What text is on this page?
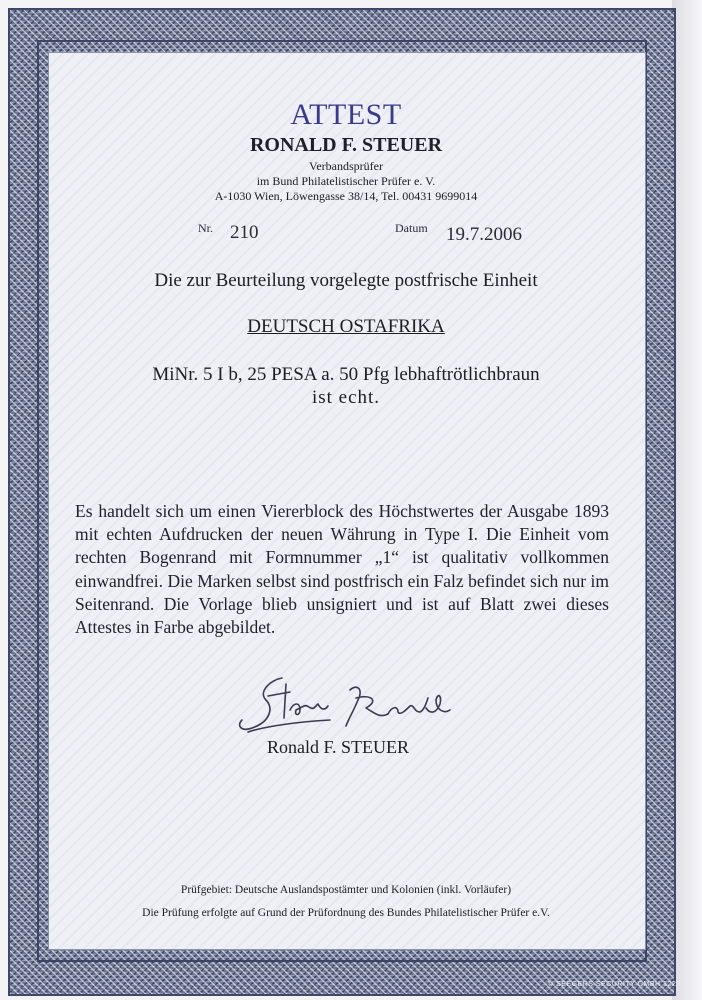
ATTEST
RONALD F. STEUER
Verbandsprüfer
im Bund Philatelistischer Prüfer e. V.
A-1030 Wien, Löwengasse 38/14, Tel. 00431 9699014
Nr. 210	Datum 19.7.2006
Die zur Beurteilung vorgelegte postfrische Einheit
DEUTSCH OSTAFRIKA
MiNr. 5 I b, 25 PESA a. 50 Pfg lebhaftrötlichbraun
ist echt.
Es handelt sich um einen Viererblock des Höchstwertes der Ausgabe 1893 mit echten Aufdrucken der neuen Währung in Type I. Die Einheit vom rechten Bogenrand mit Formnummer „1“ ist qualitativ vollkommen einwandfrei. Die Marken selbst sind postfrisch ein Falz befindet sich nur im Seitenrand. Die Vorlage blieb unsigniert und ist auf Blatt zwei dieses Attestes in Farbe abgebildet.
Ronald F. STEUER
Prüfgebiet: Deutsche Auslandspostämter und Kolonien (inkl. Vorläufer)
Die Prüfung erfolgte auf Grund der Prüfordnung des Bundes Philatelistischer Prüfer e.V.
© SEEGERS SECURITY GMBH 1222
